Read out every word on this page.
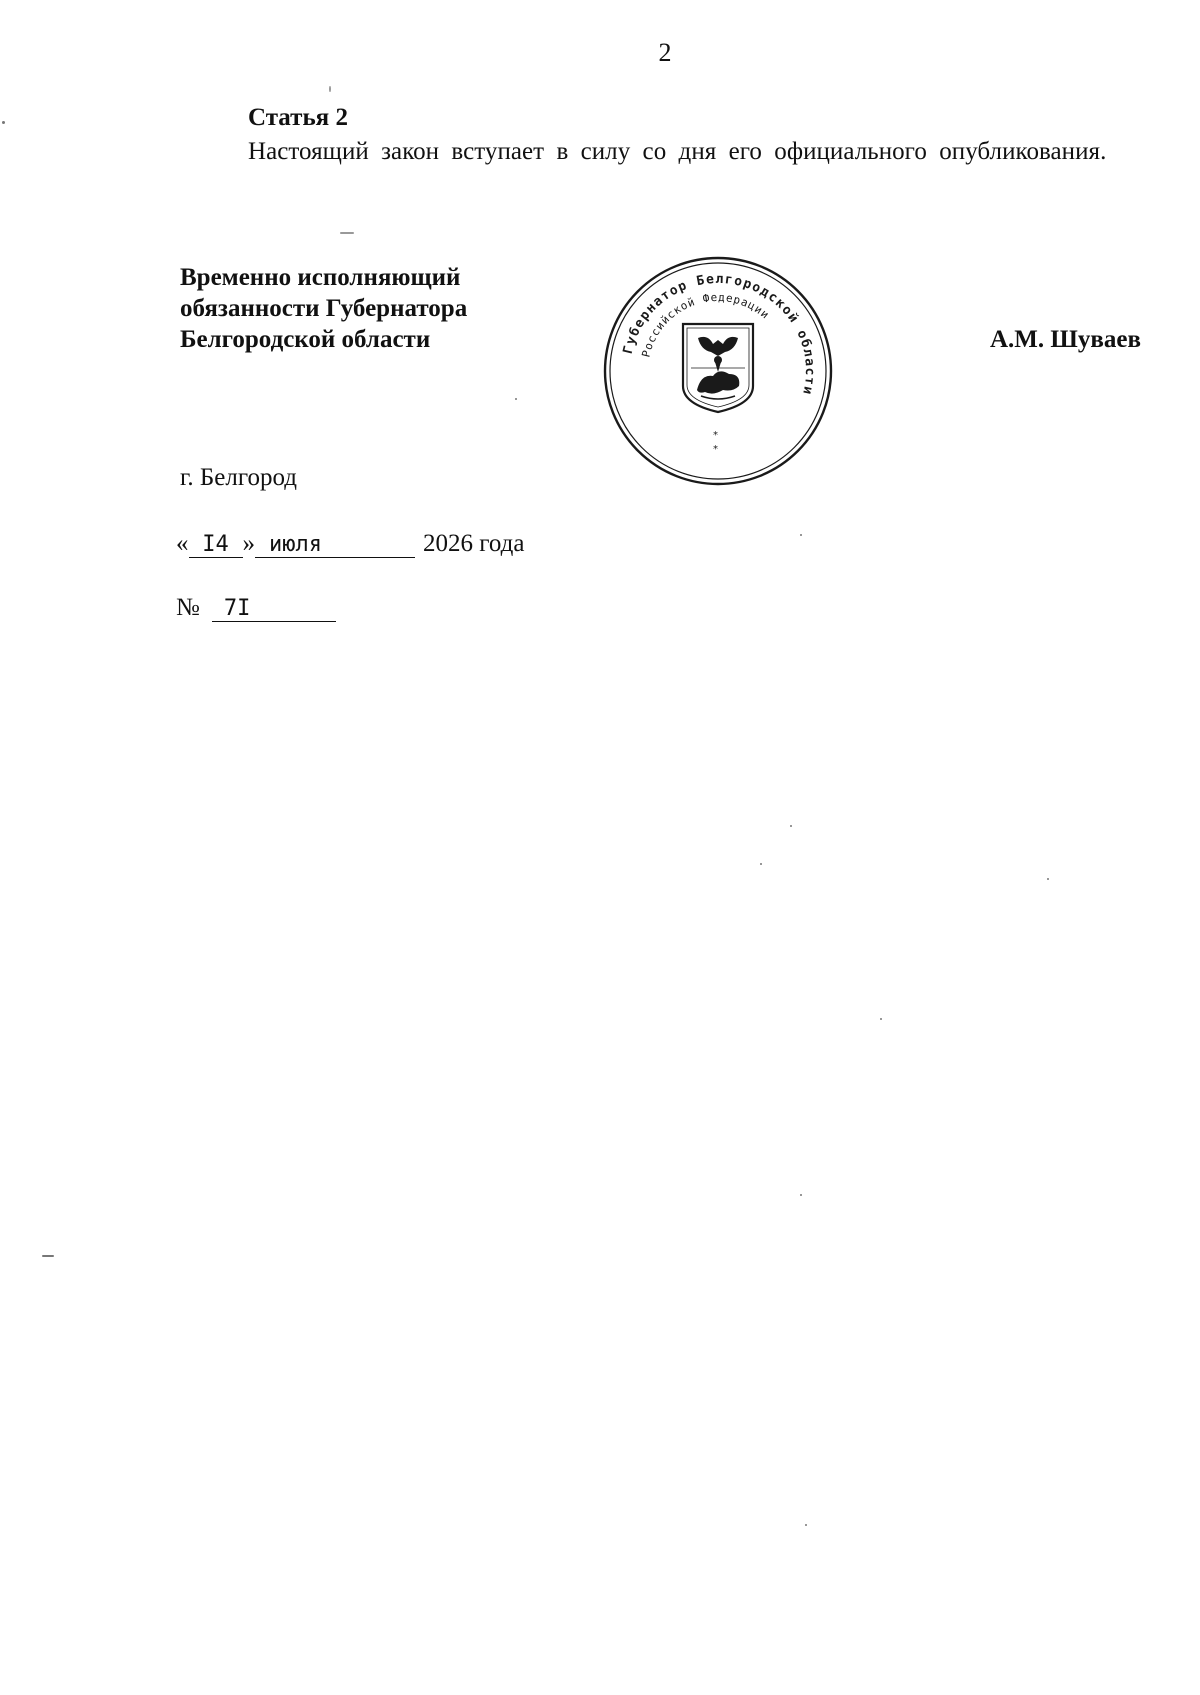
2
Статья 2
Настоящий закон вступает в силу со дня его официального опубликования.
Временно исполняющий
обязанности Губернатора
Белгородской области	Губернатор Белгородской области
Российской Федерации
*
*
А.М. Шуваев
г. Белгород
« I4 » июля	2026 года
№ 7I
